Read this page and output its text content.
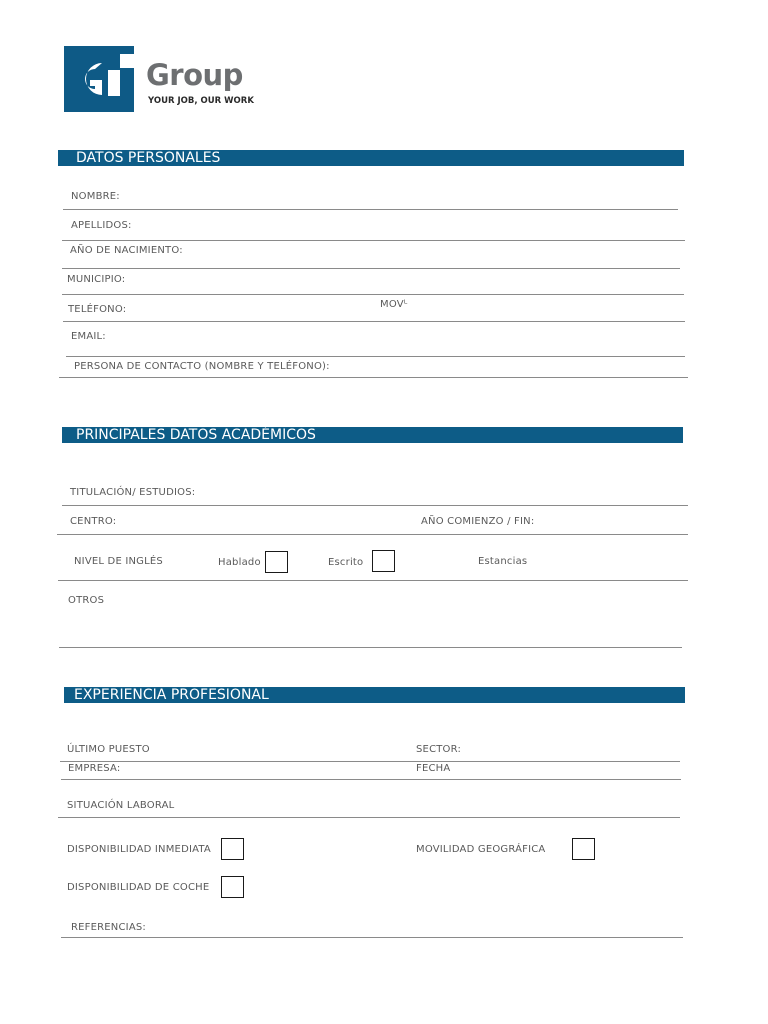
Group
YOUR JOB, OUR WORK
DATOS PERSONALES
NOMBRE:
APELLIDOS:
AÑO DE NACIMIENTO:
MUNICIPIO:
TELÉFONO:	MOVᴸ
EMAIL:
PERSONA DE CONTACTO (NOMBRE Y TELÉFONO):
PRINCIPALES DATOS ACADÉMICOS
TITULACIÓN/ ESTUDIOS:
CENTRO:	AÑO COMIENZO / FIN:
NIVEL DE INGLÉS	Hablado	Escrito	Estancias
OTROS
EXPERIENCIA PROFESIONAL
ÚLTIMO PUESTO	SECTOR:
EMPRESA:	FECHA
SITUACIÓN LABORAL
DISPONIBILIDAD INMEDIATA	MOVILIDAD GEOGRÁFICA
DISPONIBILIDAD DE COCHE
REFERENCIAS:
